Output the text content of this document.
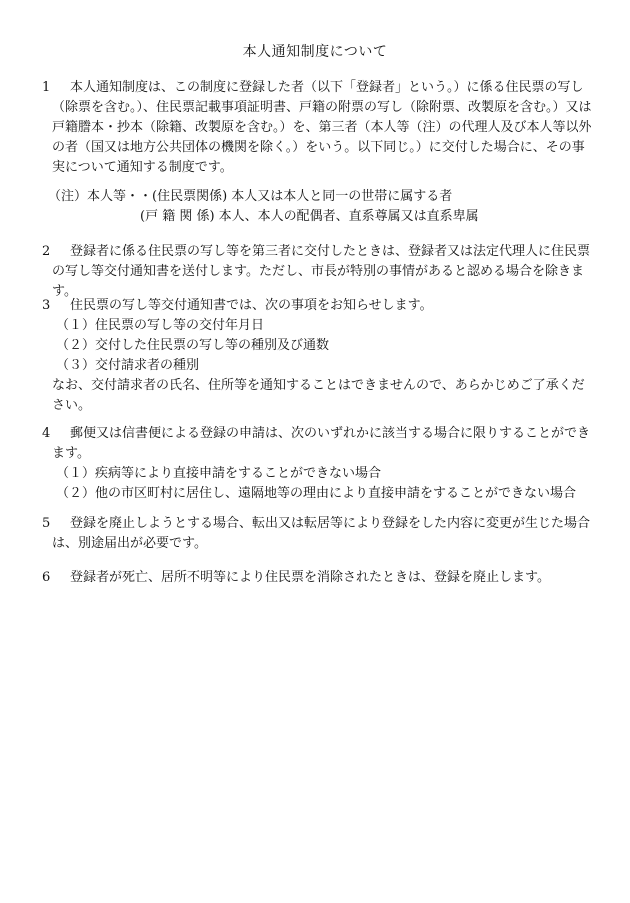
本人通知制度について
1	本人通知制度は、この制度に登録した者（以下「登録者」という。）に係る住民票の写し（除票を含む。）、住民票記載事項証明書、戸籍の附票の写し（除附票、改製原を含む。）又は戸籍謄本・抄本（除籍、改製原を含む。）を、第三者（本人等（注）の代理人及び本人等以外の者（国又は地方公共団体の機関を除く。）をいう。以下同じ。）に交付した場合に、その事実について通知する制度です。
（注）本人等・・(住民票関係) 本人又は本人と同一の世帯に属する者
(戸 籍 関 係) 本人、本人の配偶者、直系尊属又は直系卑属
2	登録者に係る住民票の写し等を第三者に交付したときは、登録者又は法定代理人に住民票の写し等交付通知書を送付します。ただし、市長が特別の事情があると認める場合を除きます。
3	住民票の写し等交付通知書では、次の事項をお知らせします。
（１）住民票の写し等の交付年月日
（２）交付した住民票の写し等の種別及び通数
（３）交付請求者の種別
なお、交付請求者の氏名、住所等を通知することはできませんので、あらかじめご了承ください。
4	郵便又は信書便による登録の申請は、次のいずれかに該当する場合に限りすることができます。
（１）疾病等により直接申請をすることができない場合
（２）他の市区町村に居住し、遠隔地等の理由により直接申請をすることができない場合
5	登録を廃止しようとする場合、転出又は転居等により登録をした内容に変更が生じた場合は、別途届出が必要です。
6	登録者が死亡、居所不明等により住民票を消除されたときは、登録を廃止します。
